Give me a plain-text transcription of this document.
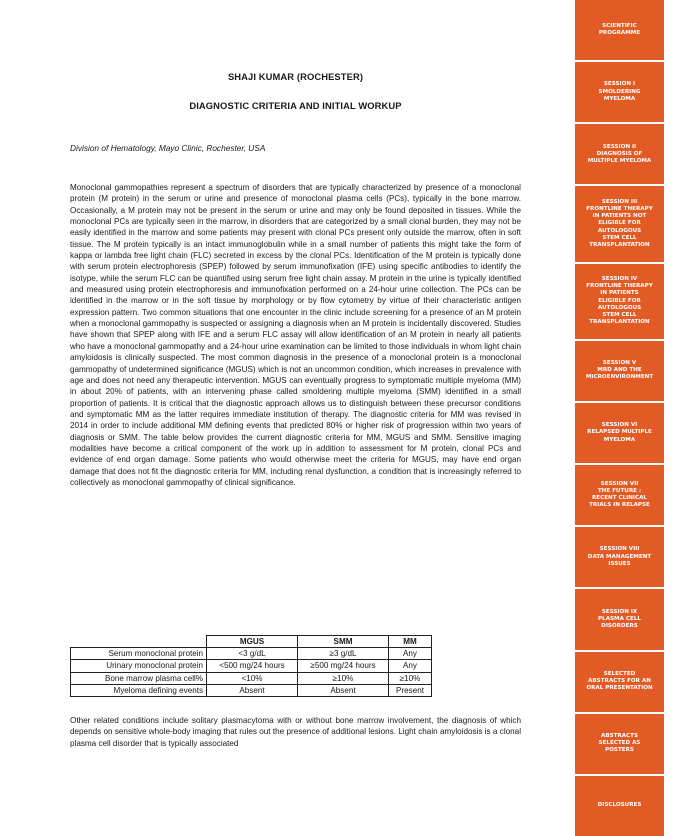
SHAJI KUMAR (ROCHESTER)
DIAGNOSTIC CRITERIA AND INITIAL WORKUP
Division of Hematology, Mayo Clinic, Rochester, USA

Monoclonal gammopathies represent a spectrum of disorders that are typically characterized by presence of a monoclonal protein (M protein) in the serum or urine and presence of monoclonal plasma cells (PCs), typically in the bone marrow. Occasionally, a M protein may not be present in the serum or urine and may only be found deposited in tissues. While the monoclonal PCs are typically seen in the marrow, in disorders that are categorized by a small clonal burden, they may not be easily identified in the marrow and some patients may present with clonal PCs present only outside the marrow, often in soft tissue. The M protein typically is an intact immunoglobulin while in a small number of patients this might take the form of kappa or lambda free light chain (FLC) secreted in excess by the clonal PCs. Identification of the M protein is typically done with serum protein electrophoresis (SPEP) followed by serum immunofixation (IFE) using specific antibodies to identify the isotype, while the serum FLC can be quantified using serum free light chain assay. M protein in the urine is typically identified and measured using protein electrophoresis and immunofixation performed on a 24-hour urine collection. The PCs can be identified in the marrow or in the soft tissue by morphology or by flow cytometry by virtue of their characteristic antigen expression pattern. Two common situations that one encounter in the clinic include screening for a presence of an M protein when a monoclonal gammopathy is suspected or assigning a diagnosis when an M protein is incidentally discovered. Studies have shown that SPEP along with IFE and a serum FLC assay will allow identification of an M protein in nearly all patients who have a monoclonal gammopathy and a 24-hour urine examination can be limited to those individuals in whom light chain amyloidosis is clinically suspected. The most common diagnosis in the presence of a monoclonal protein is a monoclonal gammopathy of undetermined significance (MGUS) which is not an uncommon condition, which increases in prevalence with age and does not need any therapeutic intervention. MGUS can eventually progress to symptomatic multiple myeloma (MM) in about 20% of patients, with an intervening phase called smoldering multiple myeloma (SMM) identified in a small proportion of patients. It is critical that the diagnostic approach allows us to distinguish between these precursor conditions and symptomatic MM as the latter requires immediate institution of therapy. The diagnostic criteria for MM was revised in 2014 in order to include additional MM defining events that predicted 80% or higher risk of progression within two years of diagnosis or SMM. The table below provides the current diagnostic criteria for MM, MGUS and SMM. Sensitive imaging modalities have become a critical component of the work up in addition to assessment for M protein, clonal PCs and evidence of end organ damage. Some patients who would otherwise meet the criteria for MGUS, may have end organ damage that does not fit the diagnostic criteria for MM, including renal dysfunction, a condition that is increasingly referred to collectively as monoclonal gammopathy of clinical significance.

	MGUS	SMM	MM
Serum monoclonal protein	<3 g/dL	≥3 g/dL	Any
Urinary monoclonal protein	<500 mg/24 hours	≥500 mg/24 hours	Any
Bone marrow plasma cell%	<10%	≥10%	≥10%
Myeloma defining events	Absent	Absent	Present

Other related conditions include solitary plasmacytoma with or without bone marrow involvement, the diagnosis of which depends on sensitive whole-body imaging that rules out the presence of additional lesions. Light chain amyloidosis is a clonal plasma cell disorder that is typically associated

SCIENTIFIC
PROGRAMME
SESSION I
SMOLDERING
MYELOMA
SESSION II
DIAGNOSIS OF
MULTIPLE MYELOMA
SESSION III
FRONTLINE THERAPY
IN PATIENTS NOT
ELIGIBLE FOR
AUTOLOGOUS
STEM CELL
TRANSPLANTATION
SESSION IV
FRONTLINE THERAPY
IN PATIENTS
ELIGIBLE FOR
AUTOLOGOUS
STEM CELL
TRANSPLANTATION
SESSION V
MRD AND THE
MICROENVIRONMENT
SESSION VI
RELAPSED MULTIPLE
MYELOMA
SESSION VII
THE FUTURE :
RECENT CLINICAL
TRIALS IN RELAPSE
SESSION VIII
DATA MANAGEMENT
ISSUES
SESSION IX
PLASMA CELL
DISORDERS
SELECTED
ABSTRACTS FOR AN
ORAL PRESENTATION
ABSTRACTS
SELECTED AS
POSTERS
DISCLOSURES
